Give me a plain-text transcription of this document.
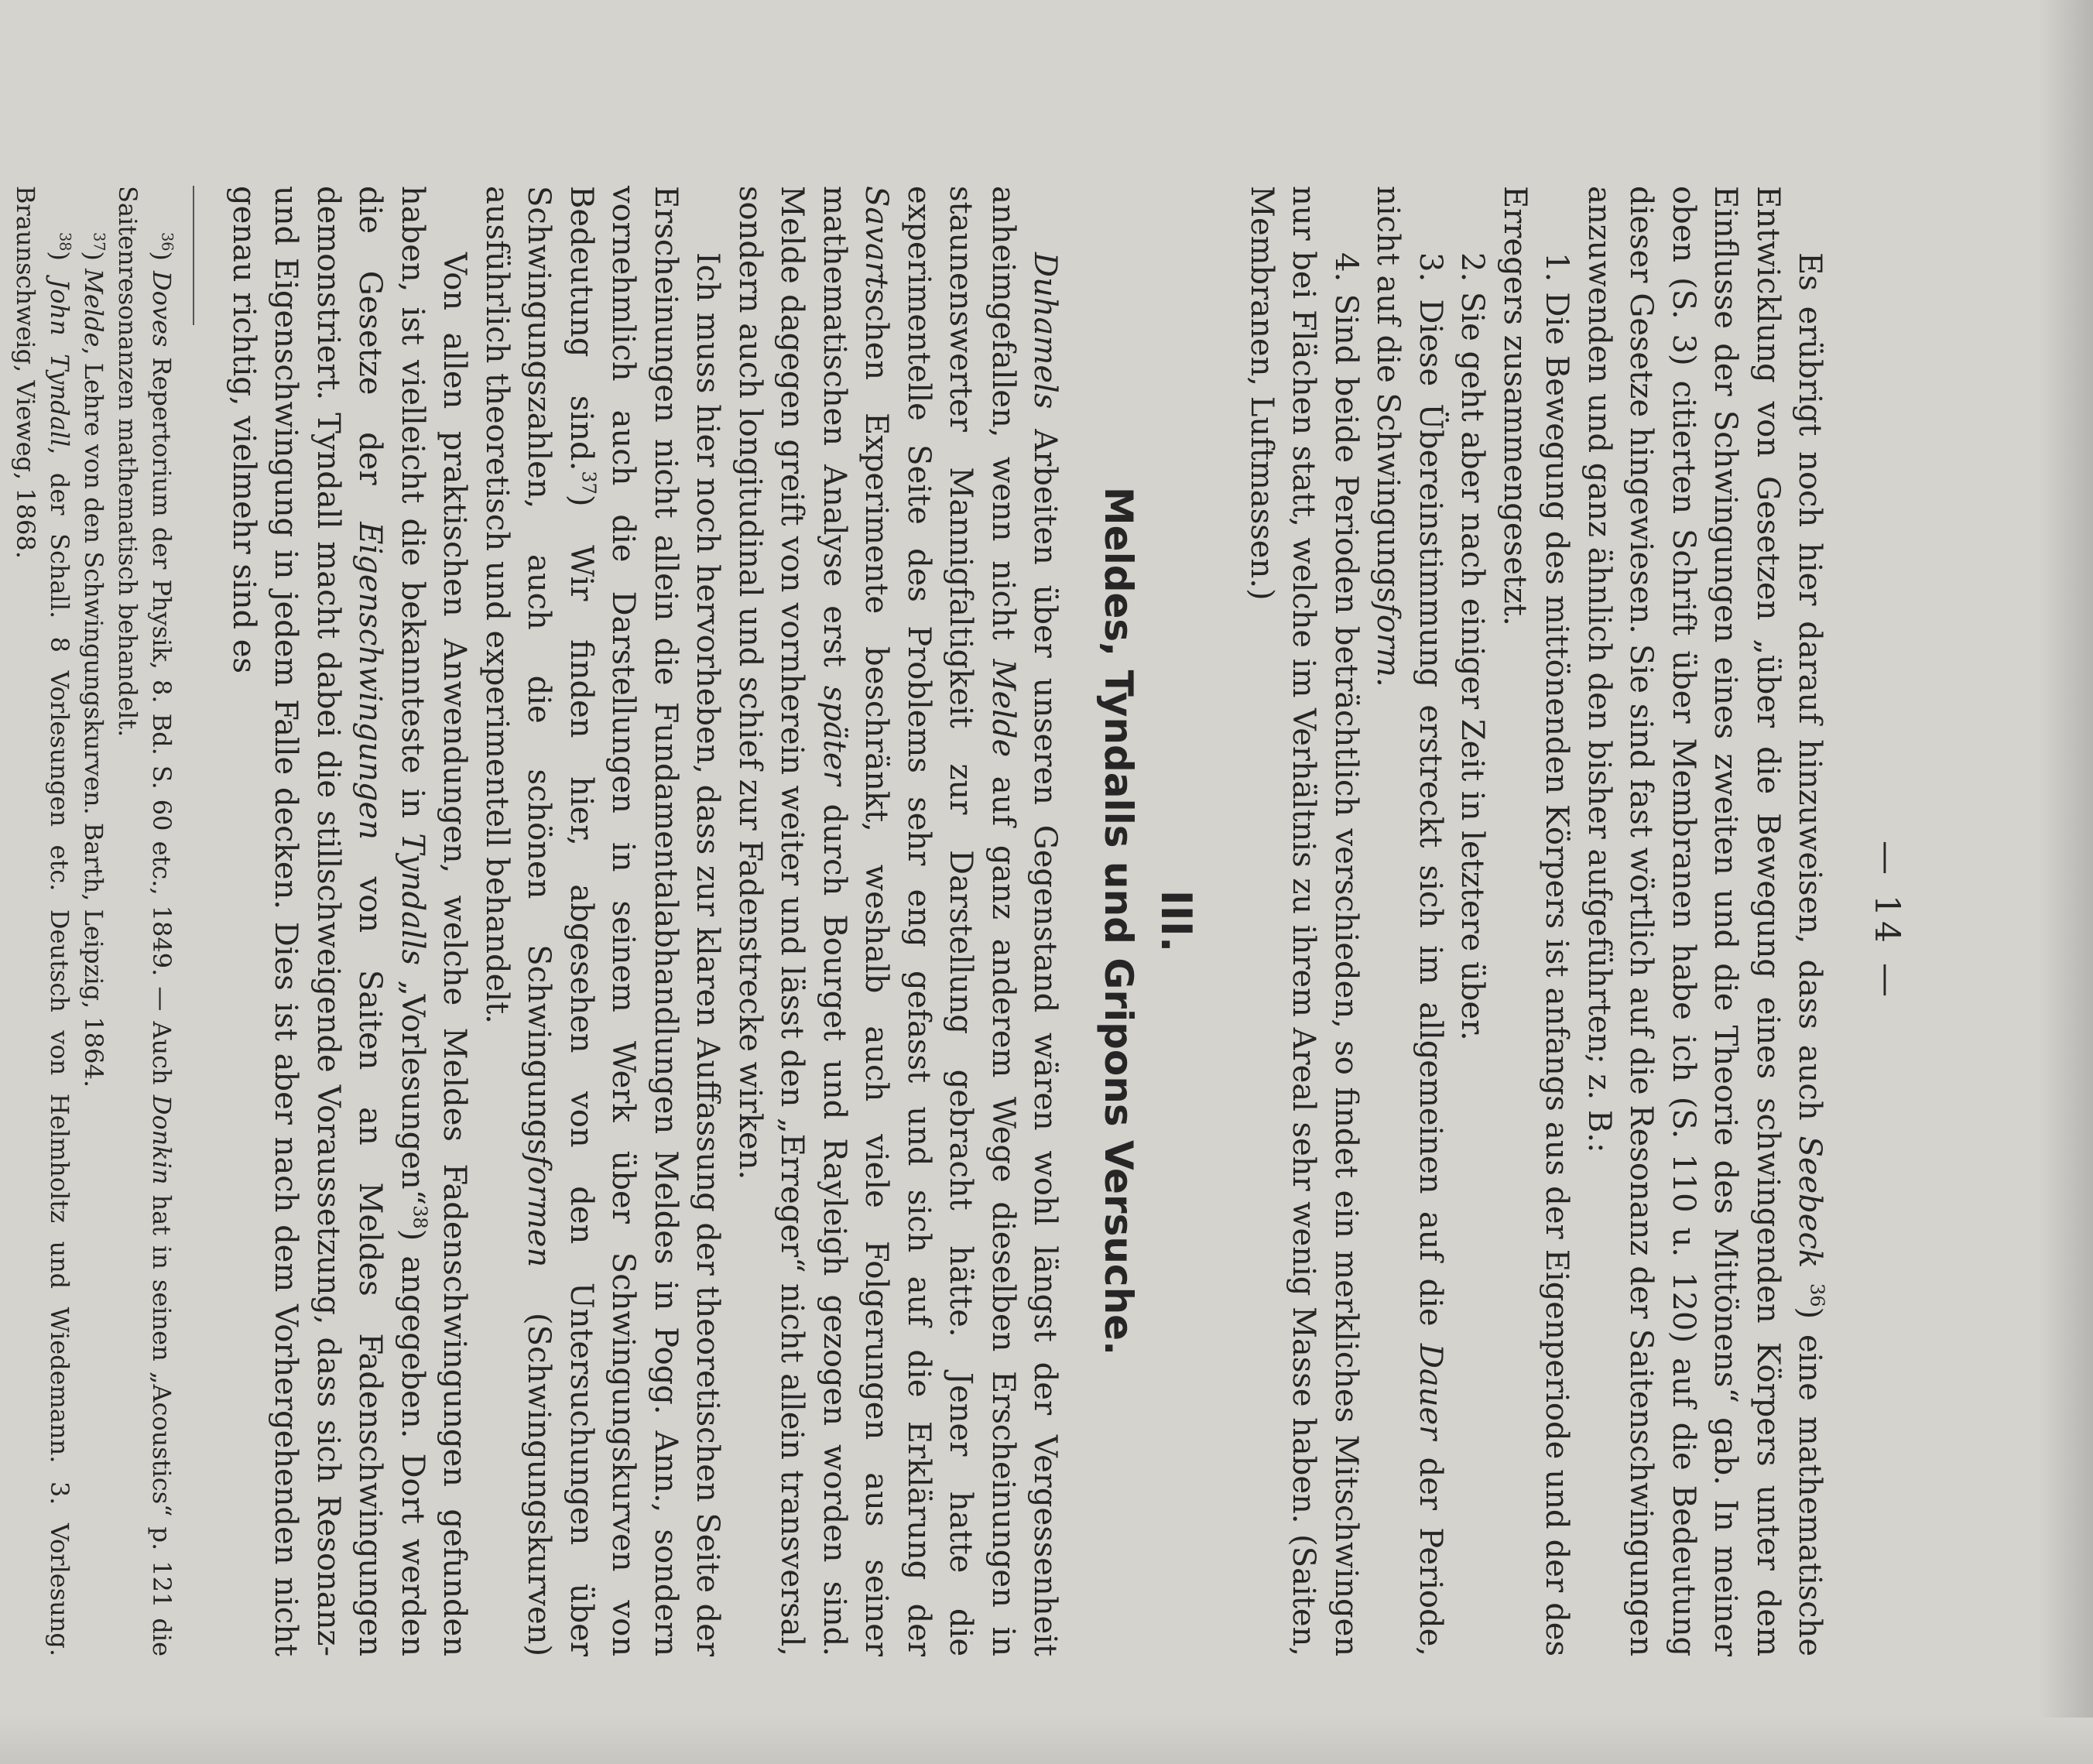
— 14 —

Es erübrigt noch hier darauf hinzuweisen, dass auch Seebeck $^{36}$) eine mathematische Entwicklung von Gesetzen „über die Bewegung eines schwingenden Körpers unter dem Einflusse der Schwingungen eines zweiten und die Theorie des Mittönens“ gab. In meiner oben (S. 3) citierten Schrift über Membranen habe ich (S. 110 u. 120) auf die Bedeutung dieser Gesetze hingewiesen. Sie sind fast wörtlich auf die Resonanz der Saitenschwingungen anzuwenden und ganz ähnlich den bisher aufgeführten; z. B.:

1. Die Bewegung des mittönenden Körpers ist anfangs aus der Eigenperiode und der des Erregers zusammengesetzt.

2. Sie geht aber nach einiger Zeit in letztere über.

3. Diese Übereinstimmung erstreckt sich im allgemeinen auf die Dauer der Periode, nicht auf die Schwingungsform.

4. Sind beide Perioden beträchtlich verschieden, so findet ein merkliches Mitschwingen nur bei Flächen statt, welche im Verhältnis zu ihrem Areal sehr wenig Masse haben. (Saiten, Membranen, Luftmassen.)

III.
Meldes, Tyndalls und Gripons Versuche.

Duhamels Arbeiten über unseren Gegenstand wären wohl längst der Vergessenheit anheimgefallen, wenn nicht Melde auf ganz anderem Wege dieselben Erscheinungen in staunenswerter Mannigfaltigkeit zur Darstellung gebracht hätte. Jener hatte die experimentelle Seite des Problems sehr eng gefasst und sich auf die Erklärung der Savartschen Experimente beschränkt, weshalb auch viele Folgerungen aus seiner mathematischen Analyse erst später durch Bourget und Rayleigh gezogen worden sind. Melde dagegen greift von vornherein weiter und lässt den „Erreger“ nicht allein transversal, sondern auch longitudinal und schief zur Fadenstrecke wirken.

Ich muss hier noch hervorheben, dass zur klaren Auffassung der theoretischen Seite der Erscheinungen nicht allein die Fundamentalabhandlungen Meldes in Pogg. Ann., sondern vornehmlich auch die Darstellungen in seinem Werk über Schwingungskurven von Bedeutung sind.$^{37}$) Wir finden hier, abgesehen von den Untersuchungen über Schwingungszahlen, auch die schönen Schwingungsformen (Schwingungskurven) ausführlich theoretisch und experimentell behandelt.

Von allen praktischen Anwendungen, welche Meldes Fadenschwingungen gefunden haben, ist vielleicht die bekannteste in Tyndalls „Vorlesungen“$^{38}$) angegeben. Dort werden die Gesetze der Eigenschwingungen von Saiten an Meldes Fadenschwingungen demonstriert. Tyndall macht dabei die stillschweigende Voraussetzung, dass sich Resonanz- und Eigenschwingung in jedem Falle decken. Dies ist aber nach dem Vorhergehenden nicht genau richtig, vielmehr sind es

$^{36}$) Doves Repertorium der Physik, 8. Bd. S. 60 etc., 1849. — Auch Donkin hat in seinen „Acoustics“ p. 121 die Saitenresonanzen mathematisch behandelt.

$^{37}$) Melde, Lehre von den Schwingungskurven. Barth, Leipzig, 1864.

$^{38}$) John Tyndall, der Schall. 8 Vorlesungen etc. Deutsch von Helmholtz und Wiedemann. 3. Vorlesung. Braunschweig, Vieweg, 1868.
